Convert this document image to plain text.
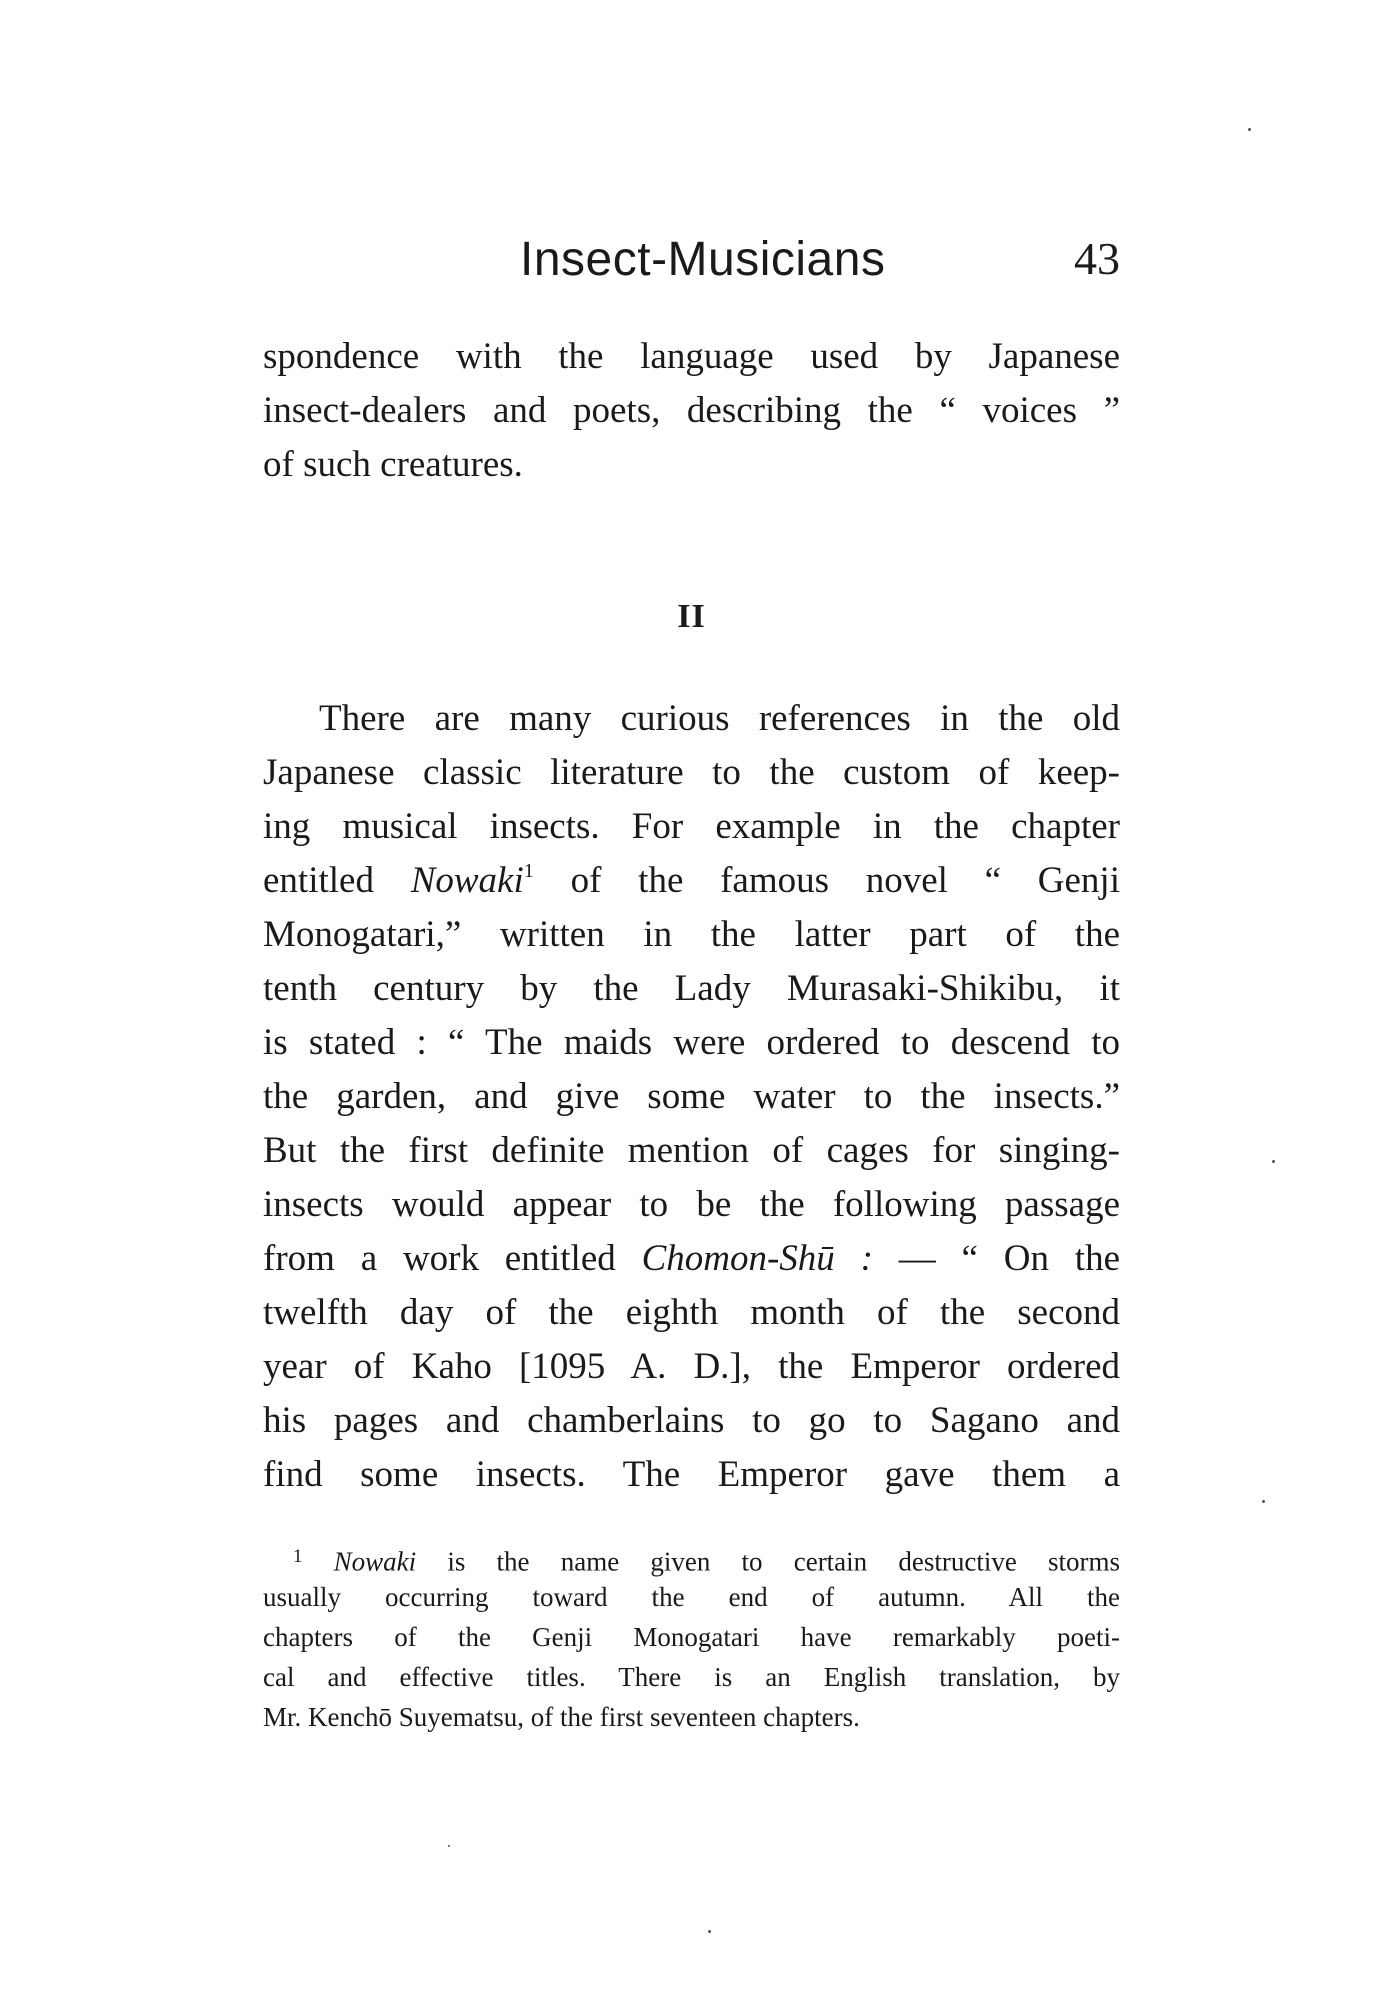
Insect-Musicians	43
spondence with the language used by Japanese
insect-dealers and poets, describing the “ voices ”
of such creatures.
II
There are many curious references in the old
Japanese classic literature to the custom of keep-
ing musical insects. For example in the chapter
entitled Nowaki$^1$ of the famous novel “ Genji
Monogatari,” written in the latter part of the
tenth century by the Lady Murasaki-Shikibu, it
is stated : “ The maids were ordered to descend to
the garden, and give some water to the insects.”
But the first definite mention of cages for singing-
insects would appear to be the following passage
from a work entitled Chomon-Shū : — “ On the
twelfth day of the eighth month of the second
year of Kaho [1095 A. D.], the Emperor ordered
his pages and chamberlains to go to Sagano and
find some insects. The Emperor gave them a
$^1$ Nowaki is the name given to certain destructive storms
usually occurring toward the end of autumn. All the
chapters of the Genji Monogatari have remarkably poeti-
cal and effective titles. There is an English translation, by
Mr. Kenchō Suyematsu, of the first seventeen chapters.
